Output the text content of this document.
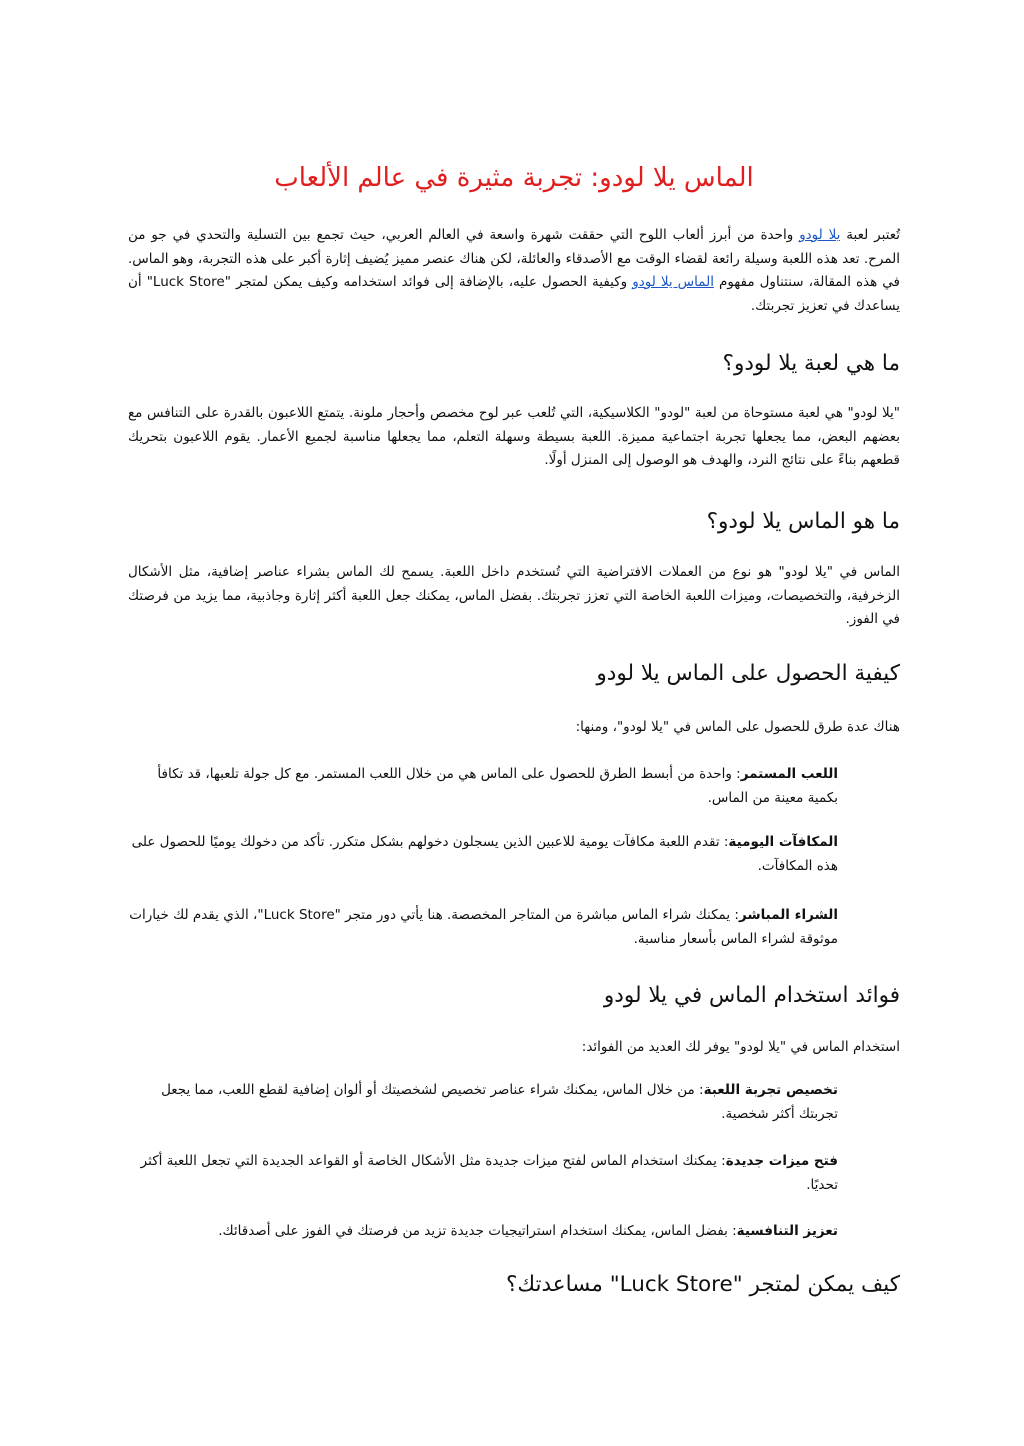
الماس يلا لودو: تجربة مثيرة في عالم الألعاب

تُعتبر لعبة يلا لودو واحدة من أبرز ألعاب اللوح التي حققت شهرة واسعة في العالم العربي، حيث تجمع بين التسلية والتحدي في جو من المرح. تعد هذه اللعبة وسيلة رائعة لقضاء الوقت مع الأصدقاء والعائلة، لكن هناك عنصر مميز يُضيف إثارة أكبر على هذه التجربة، وهو الماس. في هذه المقالة، سنتناول مفهوم الماس يلا لودو وكيفية الحصول عليه، بالإضافة إلى فوائد استخدامه وكيف يمكن لمتجر "Luck Store" أن يساعدك في تعزيز تجربتك.

ما هي لعبة يلا لودو؟

"يلا لودو" هي لعبة مستوحاة من لعبة "لودو" الكلاسيكية، التي تُلعب عبر لوح مخصص وأحجار ملونة. يتمتع اللاعبون بالقدرة على التنافس مع بعضهم البعض، مما يجعلها تجربة اجتماعية مميزة. اللعبة بسيطة وسهلة التعلم، مما يجعلها مناسبة لجميع الأعمار. يقوم اللاعبون بتحريك قطعهم بناءً على نتائج النرد، والهدف هو الوصول إلى المنزل أولًا.

ما هو الماس يلا لودو؟

الماس في "يلا لودو" هو نوع من العملات الافتراضية التي تُستخدم داخل اللعبة. يسمح لك الماس بشراء عناصر إضافية، مثل الأشكال الزخرفية، والتخصيصات، وميزات اللعبة الخاصة التي تعزز تجربتك. بفضل الماس، يمكنك جعل اللعبة أكثر إثارة وجاذبية، مما يزيد من فرصتك في الفوز.

كيفية الحصول على الماس يلا لودو

هناك عدة طرق للحصول على الماس في "يلا لودو"، ومنها:

اللعب المستمر: واحدة من أبسط الطرق للحصول على الماس هي من خلال اللعب المستمر. مع كل جولة تلعبها، قد تكافأ بكمية معينة من الماس.

المكافآت اليومية: تقدم اللعبة مكافآت يومية للاعبين الذين يسجلون دخولهم بشكل متكرر. تأكد من دخولك يوميًا للحصول على هذه المكافآت.

الشراء المباشر: يمكنك شراء الماس مباشرة من المتاجر المخصصة. هنا يأتي دور متجر "Luck Store"، الذي يقدم لك خيارات موثوقة لشراء الماس بأسعار مناسبة.

فوائد استخدام الماس في يلا لودو

استخدام الماس في "يلا لودو" يوفر لك العديد من الفوائد:

تخصيص تجربة اللعبة: من خلال الماس، يمكنك شراء عناصر تخصيص لشخصيتك أو ألوان إضافية لقطع اللعب، مما يجعل تجربتك أكثر شخصية.

فتح ميزات جديدة: يمكنك استخدام الماس لفتح ميزات جديدة مثل الأشكال الخاصة أو القواعد الجديدة التي تجعل اللعبة أكثر تحديًا.

تعزيز التنافسية: بفضل الماس، يمكنك استخدام استراتيجيات جديدة تزيد من فرصتك في الفوز على أصدقائك.

كيف يمكن لمتجر "Luck Store" مساعدتك؟
